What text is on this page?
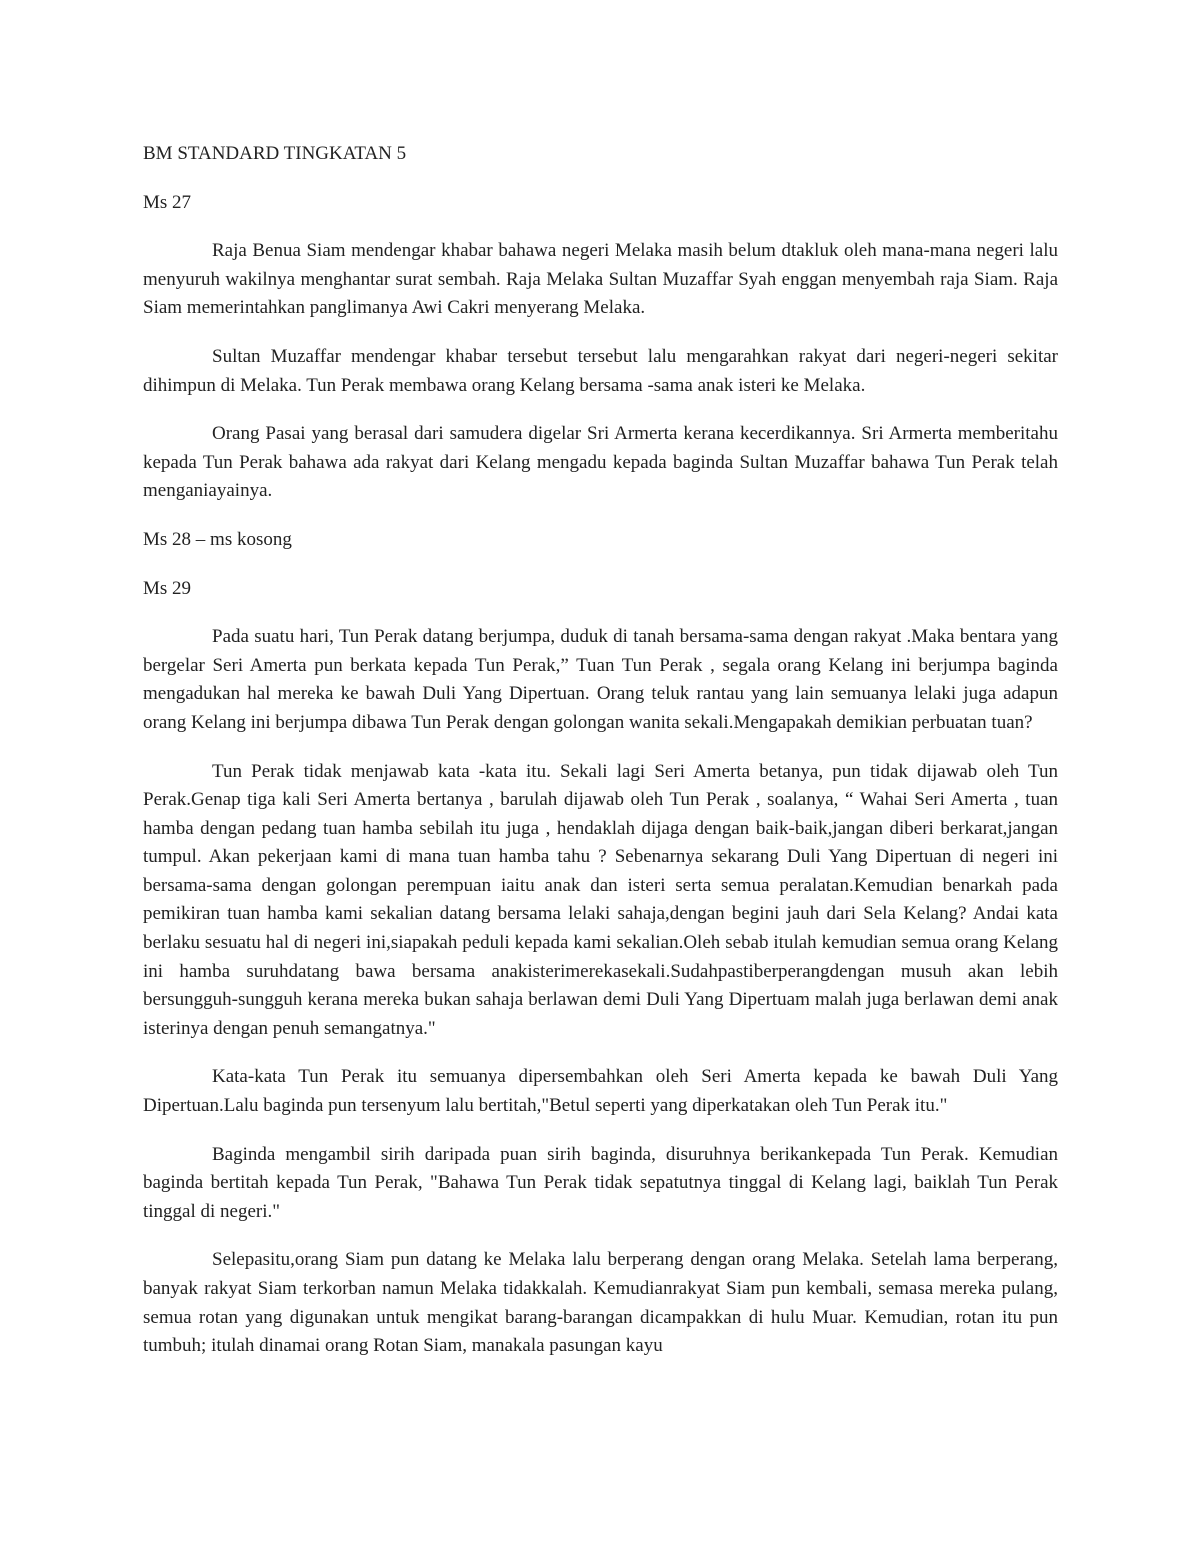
BM STANDARD TINGKATAN 5
Ms 27

Raja Benua Siam mendengar khabar bahawa negeri Melaka masih belum dtakluk oleh mana-mana negeri lalu menyuruh wakilnya menghantar surat sembah. Raja Melaka Sultan Muzaffar Syah enggan menyembah raja Siam. Raja Siam memerintahkan panglimanya Awi Cakri menyerang Melaka.

Sultan Muzaffar mendengar khabar tersebut tersebut lalu mengarahkan rakyat dari negeri-negeri sekitar dihimpun di Melaka. Tun Perak membawa orang Kelang bersama -sama anak isteri ke Melaka.

Orang Pasai yang berasal dari samudera digelar Sri Armerta kerana kecerdikannya. Sri Armerta memberitahu kepada Tun Perak bahawa ada rakyat dari Kelang mengadu kepada baginda Sultan Muzaffar bahawa Tun Perak telah menganiayainya.

Ms 28 – ms kosong
Ms 29

Pada suatu hari, Tun Perak datang berjumpa, duduk di tanah bersama-sama dengan rakyat .Maka bentara yang bergelar Seri Amerta pun berkata kepada Tun Perak,” Tuan Tun Perak , segala orang Kelang ini berjumpa baginda mengadukan hal mereka ke bawah Duli Yang Dipertuan. Orang teluk rantau yang lain semuanya lelaki juga adapun orang Kelang ini berjumpa dibawa Tun Perak dengan golongan wanita sekali.Mengapakah demikian perbuatan tuan?

Tun Perak tidak menjawab kata -kata itu. Sekali lagi Seri Amerta betanya, pun tidak dijawab oleh Tun Perak.Genap tiga kali Seri Amerta bertanya , barulah dijawab oleh Tun Perak , soalanya, “ Wahai Seri Amerta , tuan hamba dengan pedang tuan hamba sebilah itu juga , hendaklah dijaga dengan baik-baik,jangan diberi berkarat,jangan tumpul. Akan pekerjaan kami di mana tuan hamba tahu ? Sebenarnya sekarang Duli Yang Dipertuan di negeri ini bersama-sama dengan golongan perempuan iaitu anak dan isteri serta semua peralatan.Kemudian benarkah pada pemikiran tuan hamba kami sekalian datang bersama lelaki sahaja,dengan begini jauh dari Sela Kelang? Andai kata berlaku sesuatu hal di negeri ini,siapakah peduli kepada kami sekalian.Oleh sebab itulah kemudian semua orang Kelang ini hamba suruhdatang bawa bersama anakisterimerekasekali.Sudahpastiberperangdengan musuh akan lebih bersungguh-sungguh kerana mereka bukan sahaja berlawan demi Duli Yang Dipertuam malah juga berlawan demi anak isterinya dengan penuh semangatnya."

Kata-kata Tun Perak itu semuanya dipersembahkan oleh Seri Amerta kepada ke bawah Duli Yang Dipertuan.Lalu baginda pun tersenyum lalu bertitah,"Betul seperti yang diperkatakan oleh Tun Perak itu."

Baginda mengambil sirih daripada puan sirih baginda, disuruhnya berikankepada Tun Perak. Kemudian baginda bertitah kepada Tun Perak, "Bahawa Tun Perak tidak sepatutnya tinggal di Kelang lagi, baiklah Tun Perak tinggal di negeri."

Selepasitu,orang Siam pun datang ke Melaka lalu berperang dengan orang Melaka. Setelah lama berperang, banyak rakyat Siam terkorban namun Melaka tidakkalah. Kemudianrakyat Siam pun kembali, semasa mereka pulang, semua rotan yang digunakan untuk mengikat barang-barangan dicampakkan di hulu Muar. Kemudian, rotan itu pun tumbuh; itulah dinamai orang Rotan Siam, manakala pasungan kayu
